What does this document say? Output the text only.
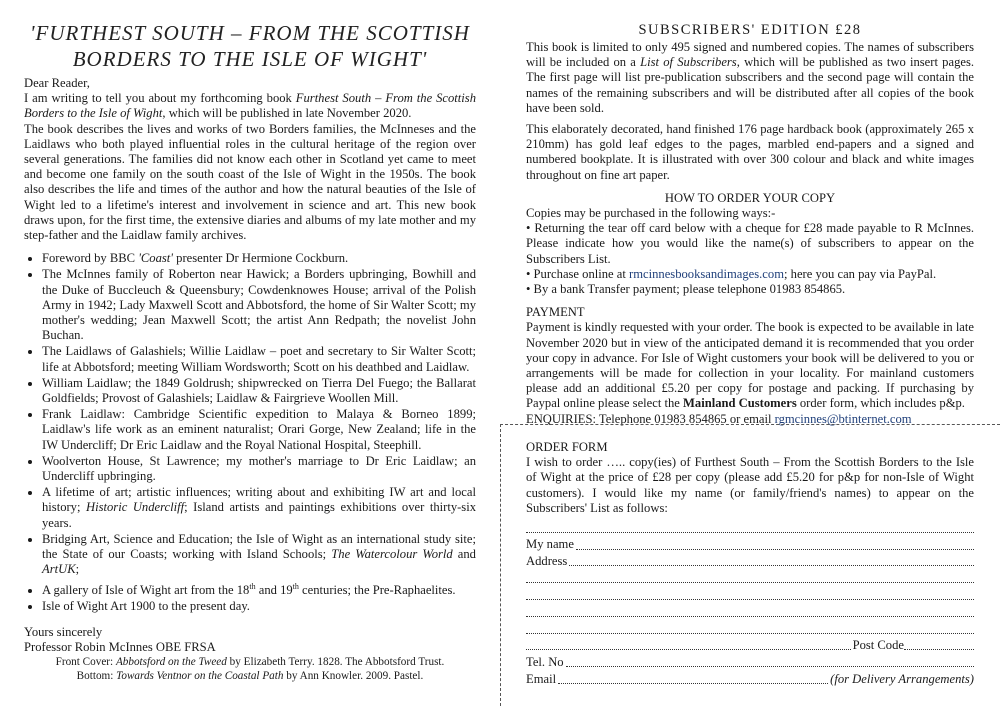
'FURTHEST SOUTH – FROM THE SCOTTISH BORDERS TO THE ISLE OF WIGHT'

Dear Reader,

I am writing to tell you about my forthcoming book Furthest South – From the Scottish Borders to the Isle of Wight, which will be published in late November 2020.

The book describes the lives and works of two Borders families, the McInneses and the Laidlaws who both played influential roles in the cultural heritage of the region over several generations. The families did not know each other in Scotland yet came to meet and become one family on the south coast of the Isle of Wight in the 1950s. The book also describes the life and times of the author and how the natural beauties of the Isle of Wight led to a lifetime's interest and involvement in science and art. This new book draws upon, for the first time, the extensive diaries and albums of my late mother and my step-father and the Laidlaw family archives.

• Foreword by BBC 'Coast' presenter Dr Hermione Cockburn.
• The McInnes family of Roberton near Hawick; a Borders upbringing, Bowhill and the Duke of Buccleuch & Queensbury; Cowdenknowes House; arrival of the Polish Army in 1942; Lady Maxwell Scott and Abbotsford, the home of Sir Walter Scott; my mother's wedding; Jean Maxwell Scott; the artist Ann Redpath; the novelist John Buchan.
• The Laidlaws of Galashiels; Willie Laidlaw – poet and secretary to Sir Walter Scott; life at Abbotsford; meeting William Wordsworth; Scott on his deathbed and Laidlaw.
• William Laidlaw; the 1849 Goldrush; shipwrecked on Tierra Del Fuego; the Ballarat Goldfields; Provost of Galashiels; Laidlaw & Fairgrieve Woollen Mill.
• Frank Laidlaw: Cambridge Scientific expedition to Malaya & Borneo 1899; Laidlaw's life work as an eminent naturalist; Orari Gorge, New Zealand; life in the IW Undercliff; Dr Eric Laidlaw and the Royal National Hospital, Steephill.
• Woolverton House, St Lawrence; my mother's marriage to Dr Eric Laidlaw; an Undercliff upbringing.
• A lifetime of art; artistic influences; writing about and exhibiting IW art and local history; Historic Undercliff; Island artists and paintings exhibitions over thirty-six years.
• Bridging Art, Science and Education; the Isle of Wight as an international study site; the State of our Coasts; working with Island Schools; The Watercolour World and ArtUK;
• A gallery of Isle of Wight art from the 18th and 19th centuries; the Pre-Raphaelites.
• Isle of Wight Art 1900 to the present day.

Yours sincerely

Professor Robin McInnes OBE FRSA

Front Cover: Abbotsford on the Tweed by Elizabeth Terry. 1828. The Abbotsford Trust.
Bottom: Towards Ventnor on the Coastal Path by Ann Knowler. 2009. Pastel.
SUBSCRIBERS' EDITION £28

This book is limited to only 495 signed and numbered copies. The names of subscribers will be included on a List of Subscribers, which will be published as two insert pages. The first page will list pre-publication subscribers and the second page will contain the names of the remaining subscribers and will be distributed after all copies of the book have been sold.

This elaborately decorated, hand finished 176 page hardback book (approximately 265 x 210mm) has gold leaf edges to the pages, marbled end-papers and a signed and numbered bookplate. It is illustrated with over 300 colour and black and white images throughout on fine art paper.

HOW TO ORDER YOUR COPY

Copies may be purchased in the following ways:-

• Returning the tear off card below with a cheque for £28 made payable to R McInnes. Please indicate how you would like the name(s) of subscribers to appear on the Subscribers List.

• Purchase online at rmcinnesbooksandimages.com; here you can pay via PayPal.

• By a bank Transfer payment; please telephone 01983 854865.

PAYMENT

Payment is kindly requested with your order. The book is expected to be available in late November 2020 but in view of the anticipated demand it is recommended that you order your copy in advance. For Isle of Wight customers your book will be delivered to you or arrangements will be made for collection in your locality. For mainland customers please add an additional £5.20 per copy for postage and packing. If purchasing by Paypal online please select the Mainland Customers order form, which includes p&p.

ENQUIRIES: Telephone 01983 854865 or email rgmcinnes@btinternet.com

ORDER FORM

I wish to order ….. copy(ies) of Furthest South – From the Scottish Borders to the Isle of Wight at the price of £28 per copy (please add £5.20 for p&p for non-Isle of Wight customers). I would like my name (or family/friend's names) to appear on the Subscribers' List as follows:

My name
Address
Post Code
Tel. No
Email	(for Delivery Arrangements)
